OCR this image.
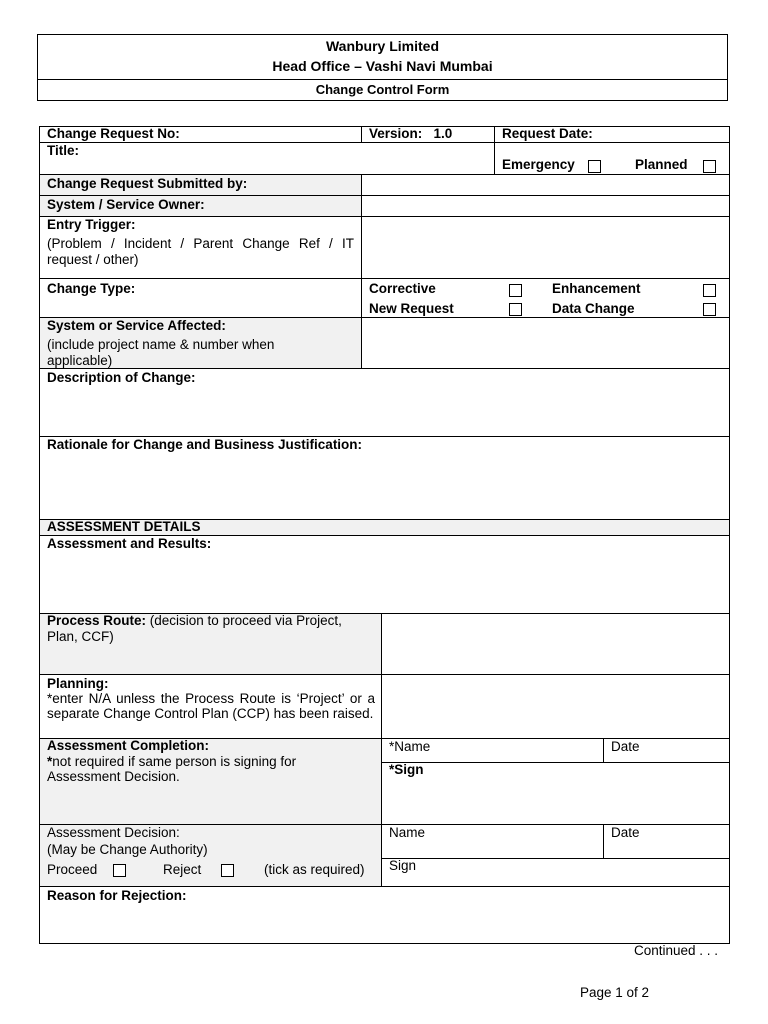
Wanbury Limited
Head Office – Vashi Navi Mumbai
Change Control Form
Change Request No:	Version: 1.0	Request Date:
Title:
Emergency	Planned
Change Request Submitted by:
System / Service Owner:
Entry Trigger:
(Problem / Incident / Parent Change Ref / IT request / other)
Change Type:	Corrective	Enhancement
New Request	Data Change
System or Service Affected:
(include project name & number when applicable)
Description of Change:
Rationale for Change and Business Justification:
ASSESSMENT DETAILS
Assessment and Results:
Process Route: (decision to proceed via Project, Plan, CCF)
Planning:
*enter N/A unless the Process Route is ‘Project’ or a separate Change Control Plan (CCP) has been raised.
Assessment Completion:
*not required if same person is signing for Assessment Decision.
*Name	Date
*Sign
Assessment Decision:
(May be Change Authority)
Proceed	Reject	(tick as required)
Name	Date
Sign
Reason for Rejection:
Continued . . .
Page 1 of 2
